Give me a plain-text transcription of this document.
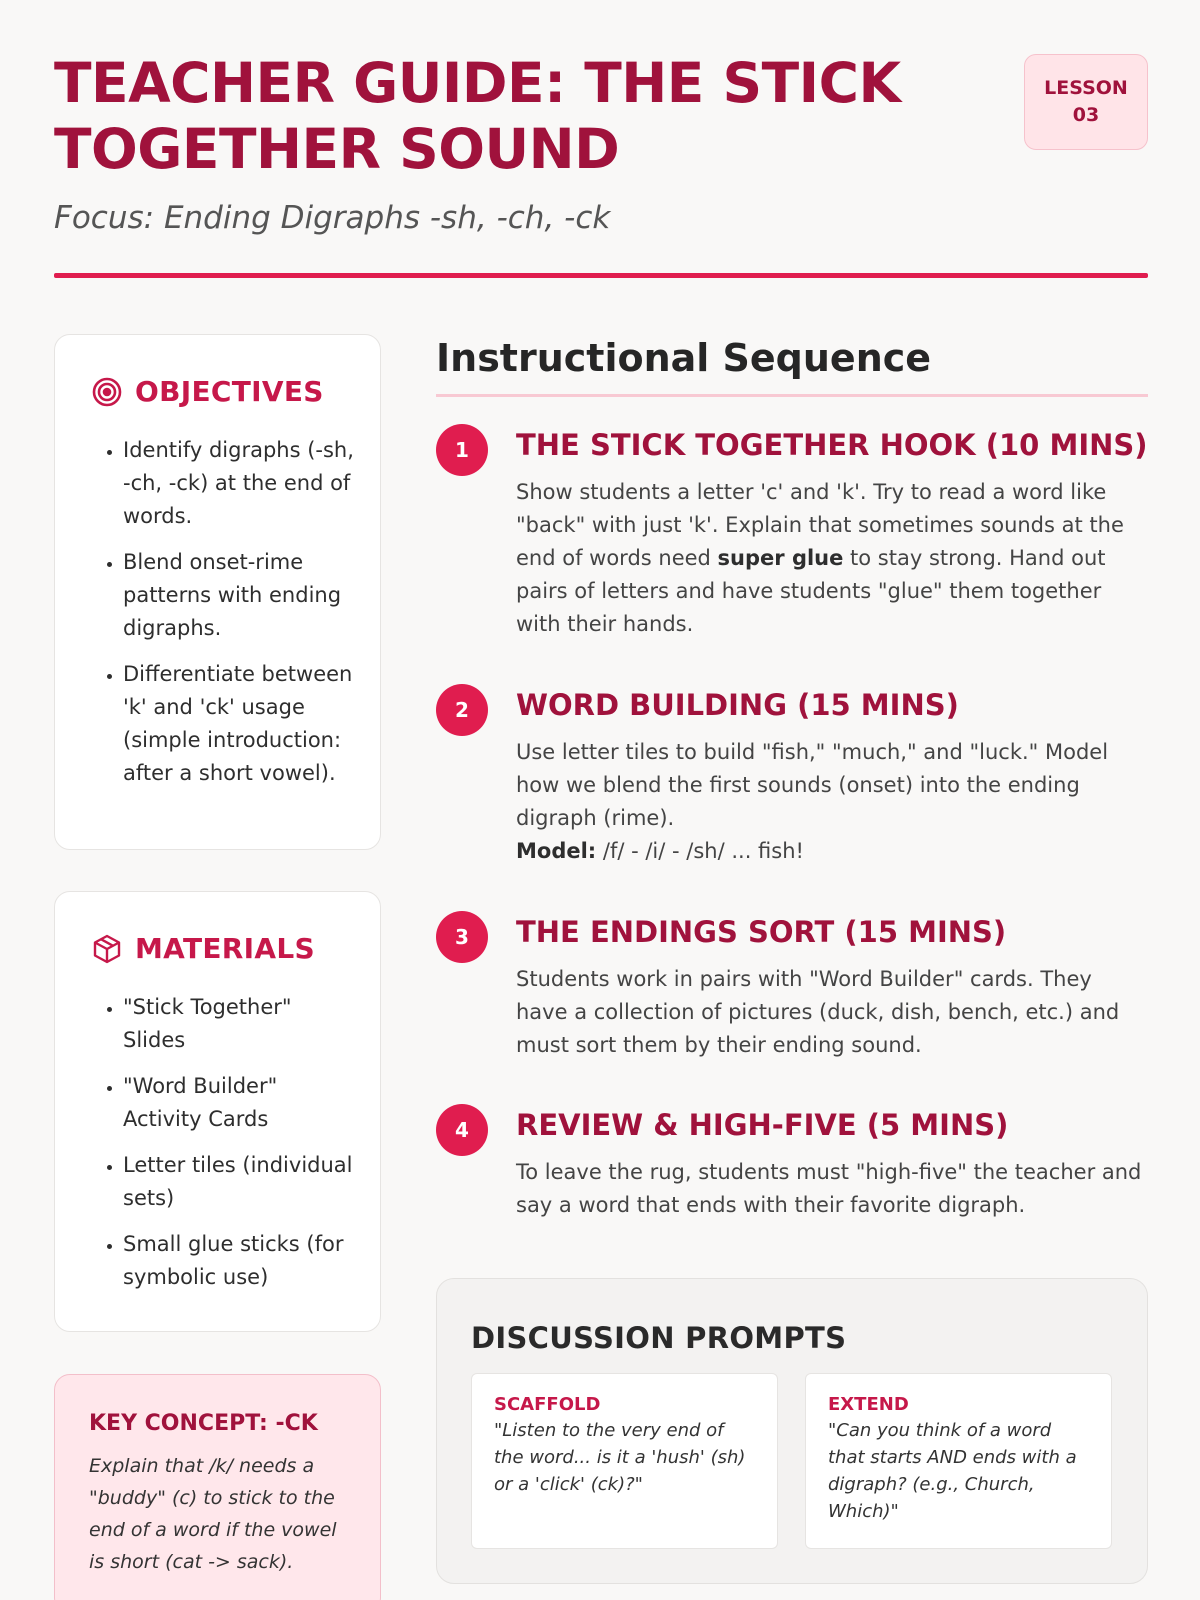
TEACHER GUIDE: THE STICK TOGETHER SOUND
Focus: Ending Digraphs -sh, -ch, -ck
LESSON
03
OBJECTIVES
• Identify digraphs (-sh, -ch, -ck) at the end of words.
• Blend onset-rime patterns with ending digraphs.
• Differentiate between 'k' and 'ck' usage (simple introduction: after a short vowel).
MATERIALS
• "Stick Together" Slides
• "Word Builder" Activity Cards
• Letter tiles (individual sets)
• Small glue sticks (for symbolic use)
KEY CONCEPT: -CK

Explain that /k/ needs a "buddy" (c) to stick to the end of a word if the vowel is short (cat -> sack).

Instructional Sequence
1	THE STICK TOGETHER HOOK (10 MINS)
Show students a letter 'c' and 'k'. Try to read a word like "back" with just 'k'. Explain that sometimes sounds at the end of words need super glue to stay strong. Hand out pairs of letters and have students "glue" them together with their hands.
2	WORD BUILDING (15 MINS)
Use letter tiles to build "fish," "much," and "luck." Model how we blend the first sounds (onset) into the ending digraph (rime).
Model: /f/ - /i/ - /sh/ ... fish!
3	THE ENDINGS SORT (15 MINS)
Students work in pairs with "Word Builder" cards. They have a collection of pictures (duck, dish, bench, etc.) and must sort them by their ending sound.
4	REVIEW & HIGH-FIVE (5 MINS)
To leave the rug, students must "high-five" the teacher and say a word that ends with their favorite digraph.
DISCUSSION PROMPTS
SCAFFOLD
"Listen to the very end of the word... is it a 'hush' (sh) or a 'click' (ck)?"
EXTEND
"Can you think of a word that starts AND ends with a digraph? (e.g., Church, Which)"
